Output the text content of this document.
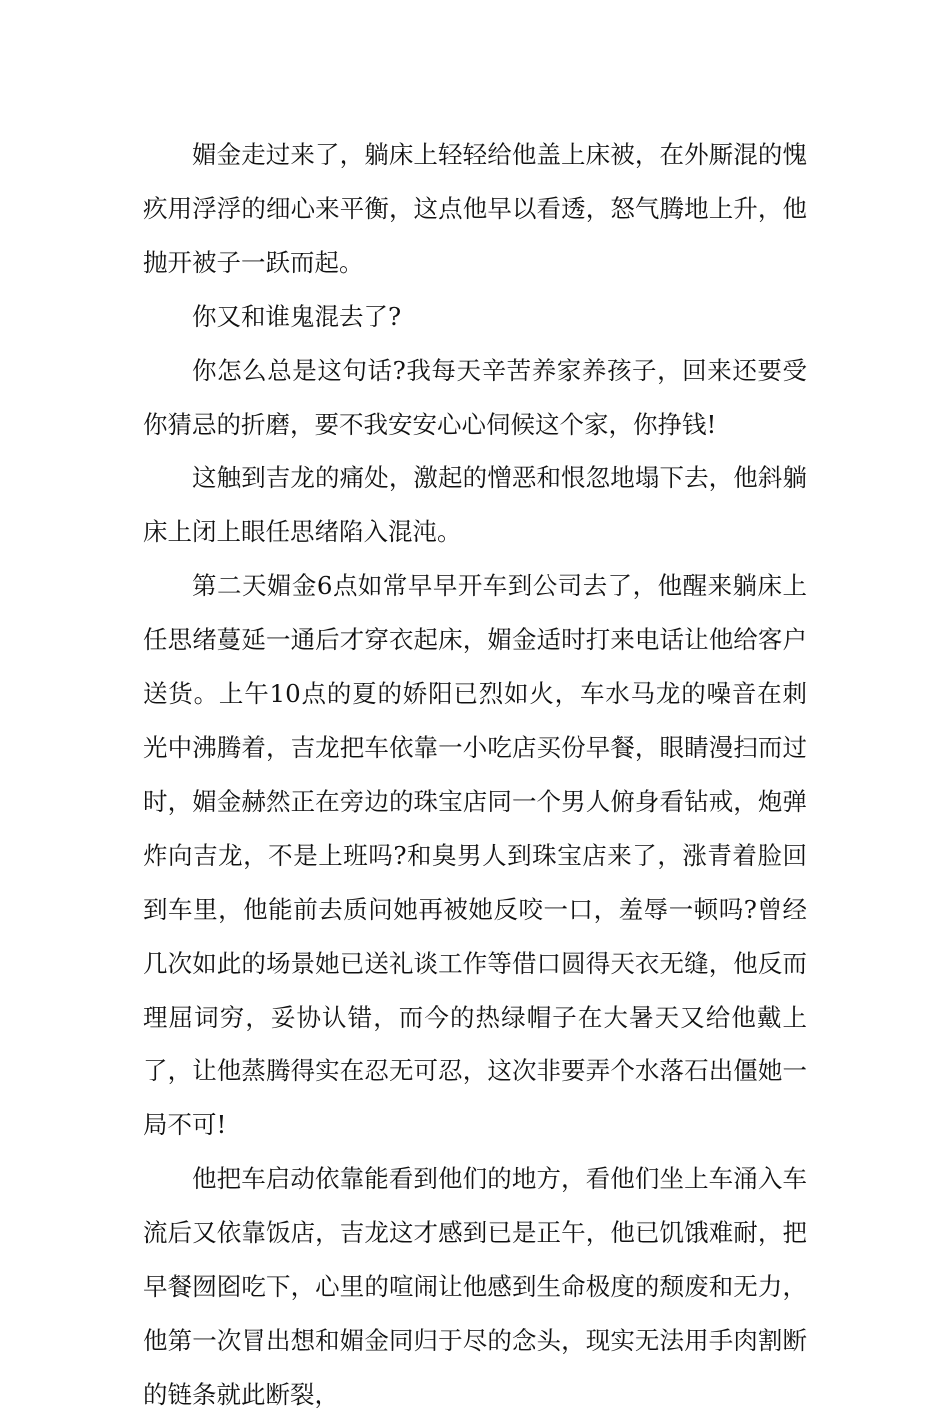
媚金走过来了，躺床上轻轻给他盖上床被，在外厮混的愧疚用浮浮的细心来平衡，这点他早以看透，怒气腾地上升，他抛开被子一跃而起。

你又和谁鬼混去了?

你怎么总是这句话?我每天辛苦养家养孩子，回来还要受你猜忌的折磨，要不我安安心心伺候这个家，你挣钱!

这触到吉龙的痛处，激起的憎恶和恨忽地塌下去，他斜躺床上闭上眼任思绪陷入混沌。

第二天媚金6点如常早早开车到公司去了，他醒来躺床上任思绪蔓延一通后才穿衣起床，媚金适时打来电话让他给客户送货。上午10点的夏的娇阳已烈如火，车水马龙的噪音在刺光中沸腾着，吉龙把车依靠一小吃店买份早餐，眼睛漫扫而过时，媚金赫然正在旁边的珠宝店同一个男人俯身看钻戒，炮弹炸向吉龙，不是上班吗?和臭男人到珠宝店来了，涨青着脸回到车里，他能前去质问她再被她反咬一口，羞辱一顿吗?曾经几次如此的场景她已送礼谈工作等借口圆得天衣无缝，他反而理屈词穷，妥协认错，而今的热绿帽子在大暑天又给他戴上了，让他蒸腾得实在忍无可忍，这次非要弄个水落石出僵她一局不可!

他把车启动依靠能看到他们的地方，看他们坐上车涌入车流后又依靠饭店，吉龙这才感到已是正午，他已饥饿难耐，把早餐囫囵吃下，心里的喧闹让他感到生命极度的颓废和无力，他第一次冒出想和媚金同归于尽的念头，现实无法用手肉割断的链条就此断裂，
